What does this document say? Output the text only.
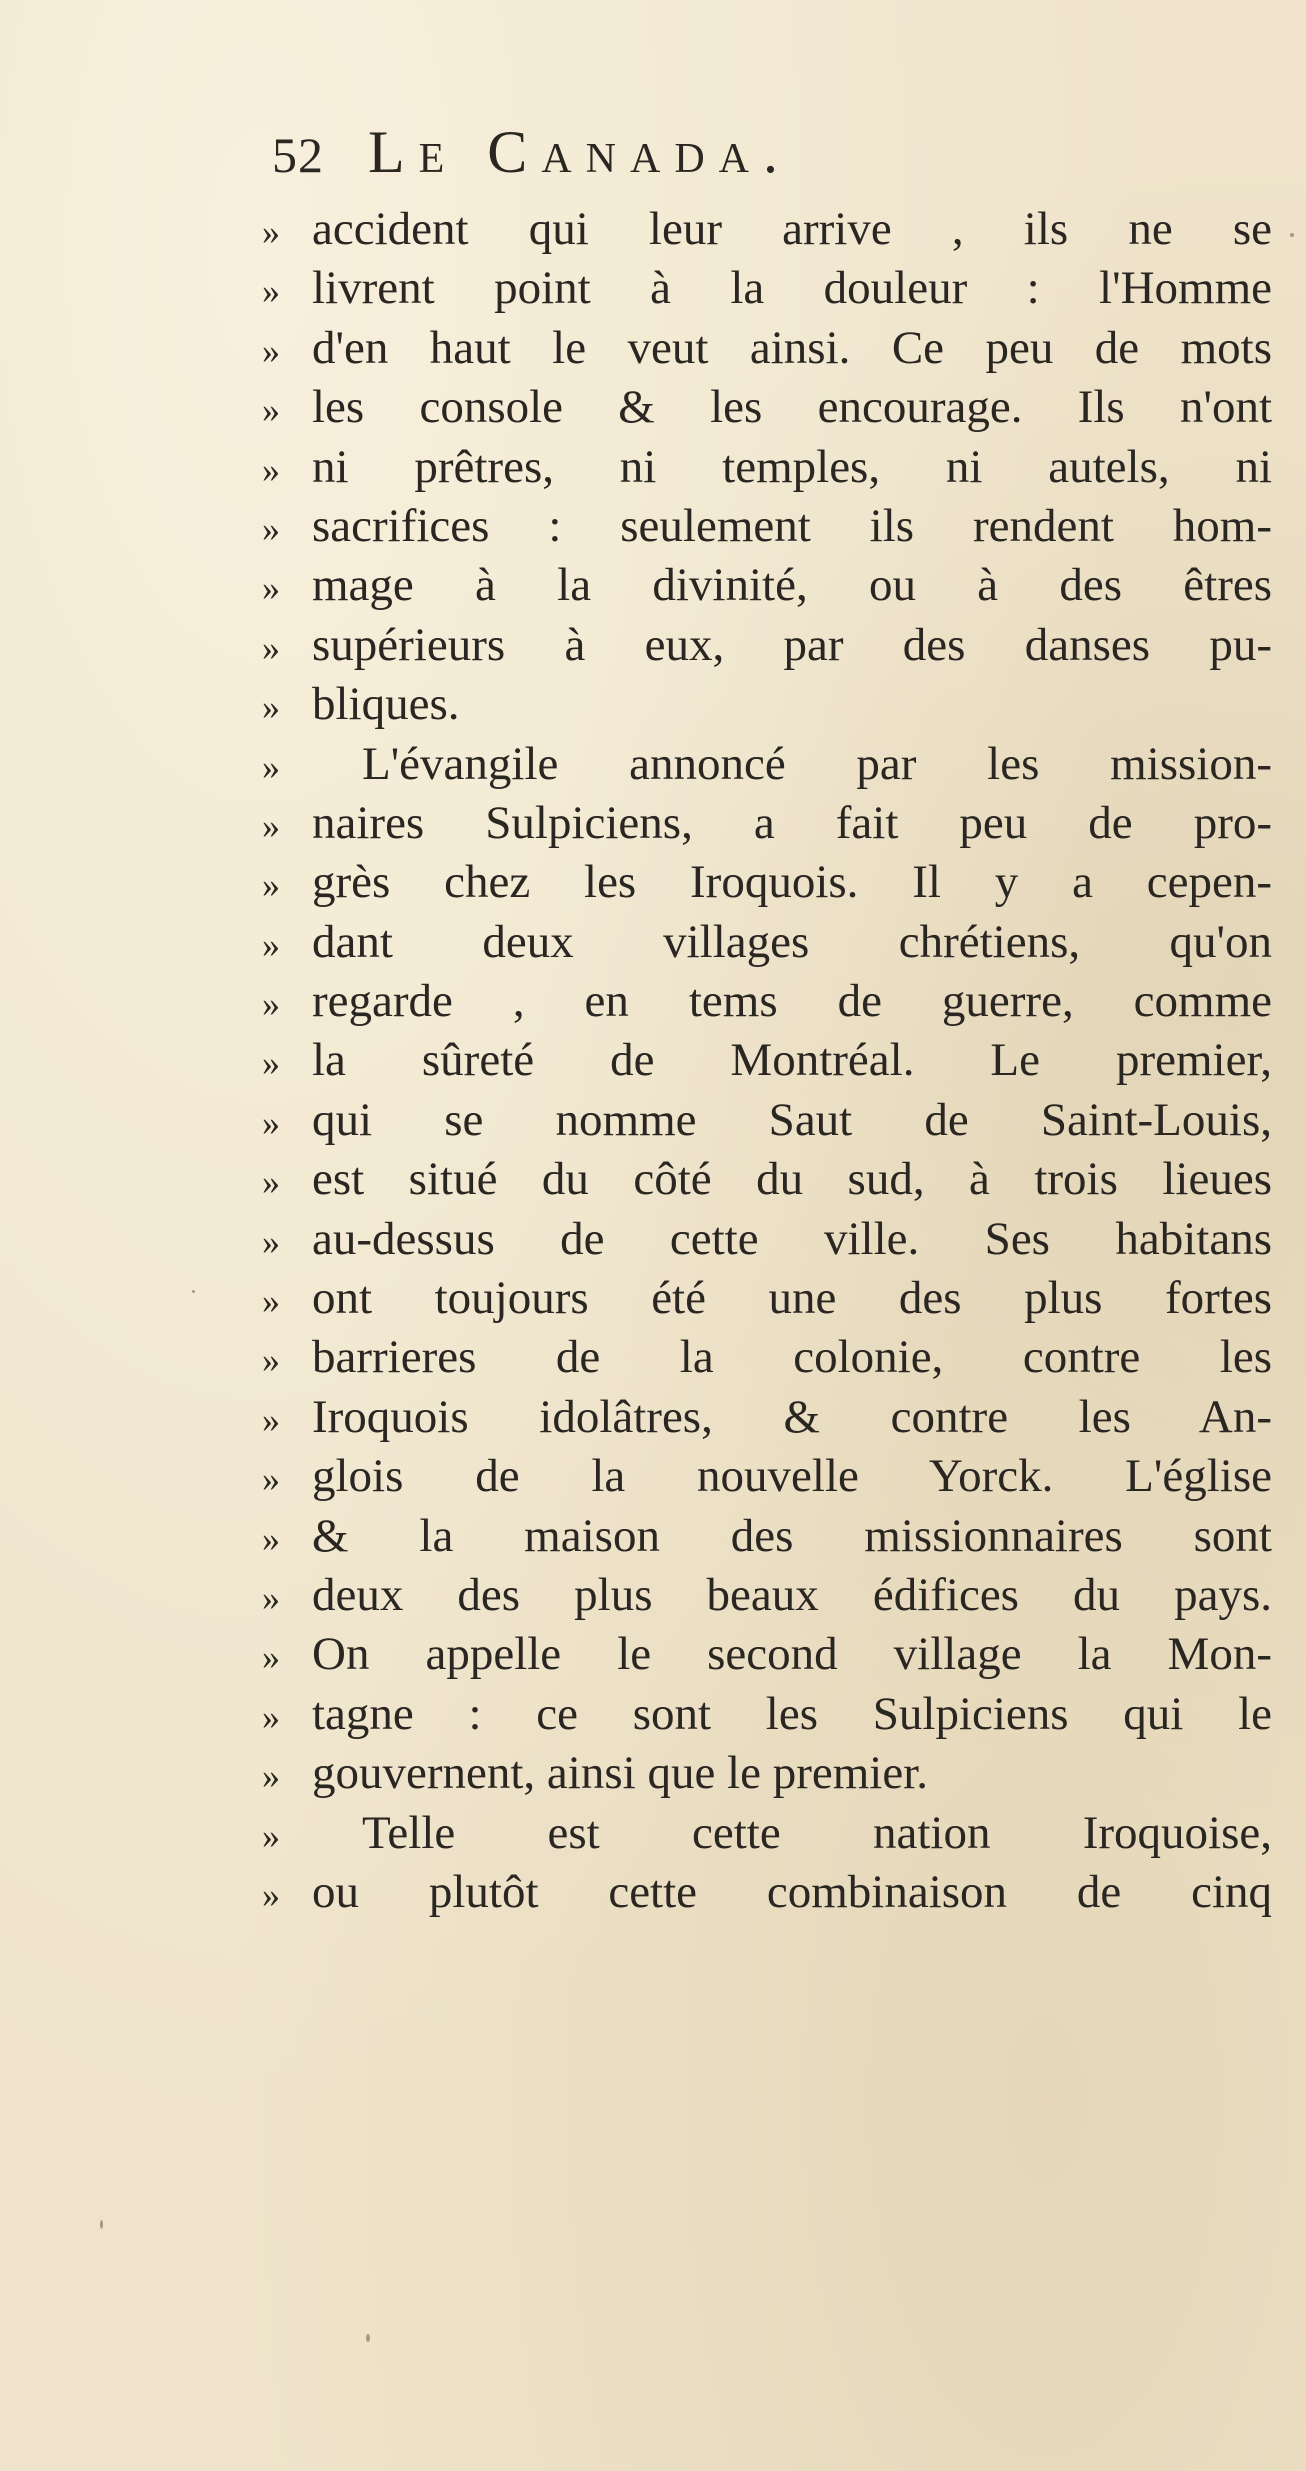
52 Le Canada.
» accident qui leur arrive , ils ne se
» livrent point à la douleur : l'Homme
» d'en haut le veut ainsi. Ce peu de mots
» les console & les encourage. Ils n'ont
» ni prêtres, ni temples, ni autels, ni
» sacrifices : seulement ils rendent hom-
» mage à la divinité, ou à des êtres
» supérieurs à eux, par des danses pu-
» bliques.
»	L'évangile annoncé par les mission-
» naires Sulpiciens, a fait peu de pro-
» grès chez les Iroquois. Il y a cepen-
» dant deux villages chrétiens, qu'on
» regarde , en tems de guerre, comme
» la sûreté de Montréal. Le premier,
» qui se nomme Saut de Saint-Louis,
» est situé du côté du sud, à trois lieues
» au-dessus de cette ville. Ses habitans
» ont toujours été une des plus fortes
» barrieres de la colonie, contre les
» Iroquois idolâtres, & contre les An-
» glois de la nouvelle Yorck. L'église
» & la maison des missionnaires sont
» deux des plus beaux édifices du pays.
» On appelle le second village la Mon-
» tagne : ce sont les Sulpiciens qui le
» gouvernent, ainsi que le premier.
»	Telle est cette nation Iroquoise,
» ou plutôt cette combinaison de cinq
